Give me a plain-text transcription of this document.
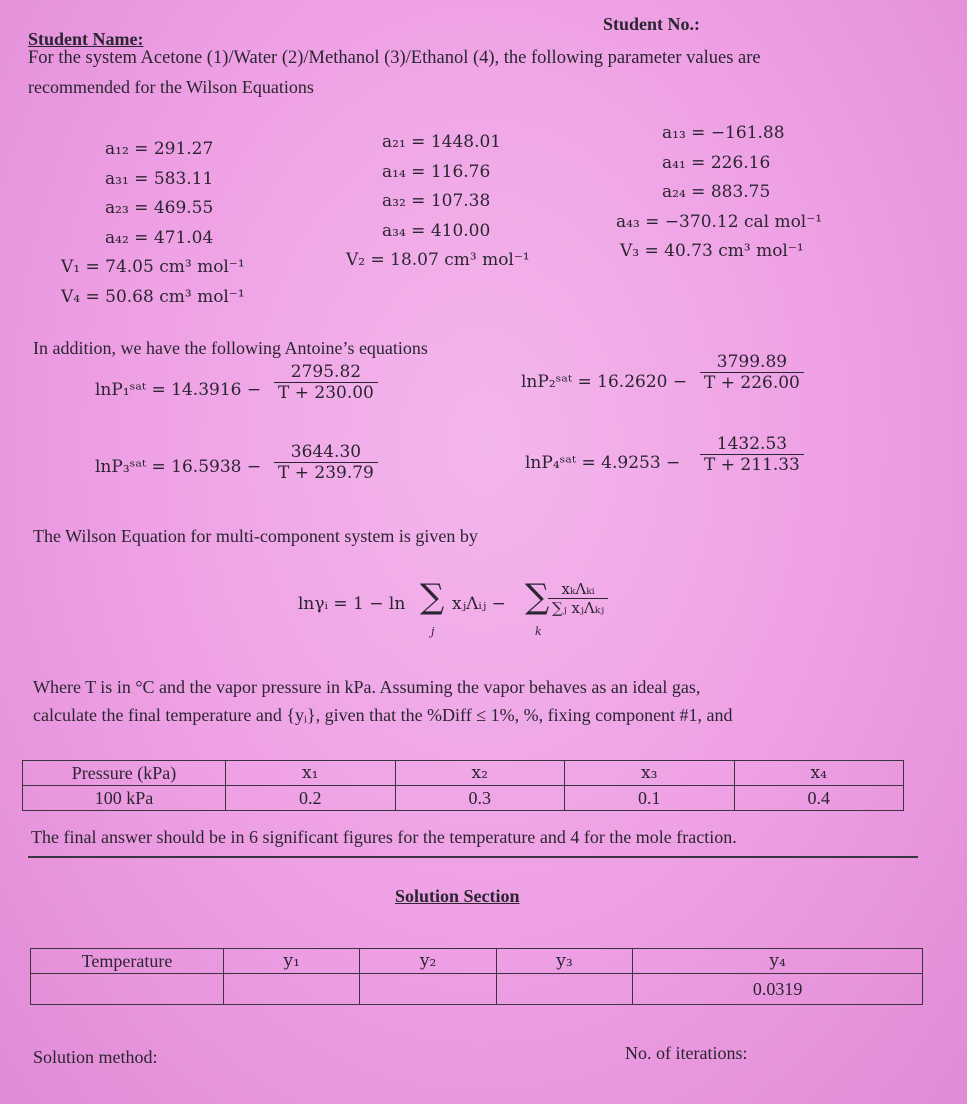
Student No.:
Student Name:
For the system Acetone (1)/Water (2)/Methanol (3)/Ethanol (4), the following parameter values are
recommended for the Wilson Equations
a₁₂ = 291.27
a₃₁ = 583.11
a₂₃ = 469.55
a₄₂ = 471.04
V₁ = 74.05 cm³ mol⁻¹
V₄ = 50.68 cm³ mol⁻¹
a₂₁ = 1448.01
a₁₄ = 116.76
a₃₂ = 107.38
a₃₄ = 410.00
V₂ = 18.07 cm³ mol⁻¹
a₁₃ = −161.88
a₄₁ = 226.16
a₂₄ = 883.75
a₄₃ = −370.12 cal mol⁻¹
V₃ = 40.73 cm³ mol⁻¹
In addition, we have the following Antoine’s equations
lnP₁ˢᵃᵗ = $14.3916 - \frac{2795.82}{T + 230.00}$	lnP₂ˢᵃᵗ = $16.2620 - \frac{3799.89}{T + 226.00}$
lnP₃ˢᵃᵗ = $16.5938 - \frac{3644.30}{T + 239.79}$	lnP₄ˢᵃᵗ = $4.9253 - \frac{1432.53}{T + 211.33}$
The Wilson Equation for multi-component system is given by
lnγᵢ = 1 − ln ∑
j
xⱼΛᵢⱼ − ∑
k
xₖΛₖᵢ
∑ⱼ xⱼΛₖⱼ
Where T is in °C and the vapor pressure in kPa. Assuming the vapor behaves as an ideal gas,
calculate the final temperature and {yᵢ}, given that the %Diff ≤ 1%, %, fixing component #1, and
Pressure (kPa)	x₁	x₂	x₃	x₄
100 kPa	0.2	0.3	0.1	0.4
The final answer should be in 6 significant figures for the temperature and 4 for the mole fraction.
Solution Section
Temperature	y₁	y₂	y₃	y₄
				0.0319
Solution method:	No. of iterations:
